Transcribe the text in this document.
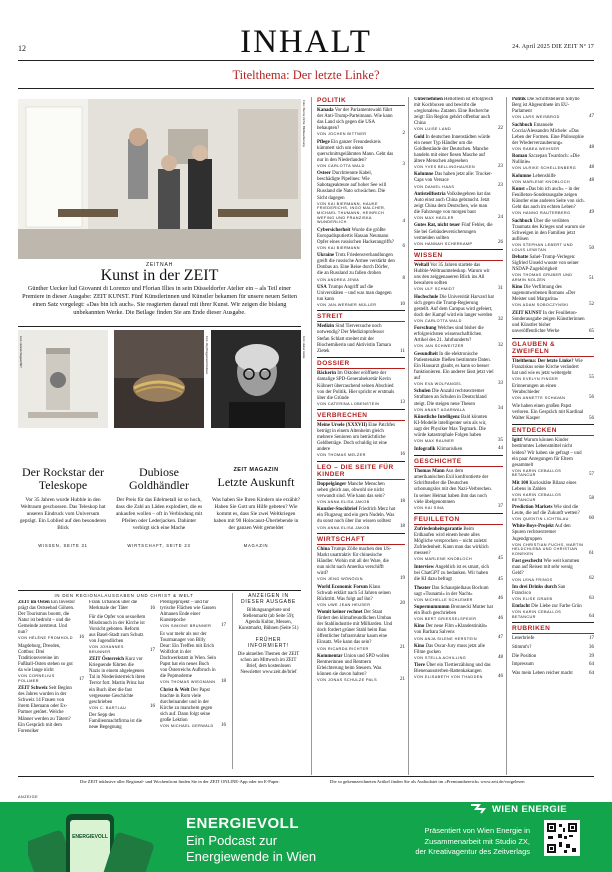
12	INHALT	24. April 2025 DIE ZEIT Nº 17
Titelthema: Der letzte Linke?
Foto: Benne Ochs; Bildbearbeitung
ZEITNAH
Kunst in der ZEIT
Günther Uecker lud Giovanni di Lorenzo und Florian Illies in sein Düsseldorfer Atelier ein – als Teil einer Premiere in dieser Ausgabe: ZEIT KUNST. Fünf Künstlerinnen und Künstler bekamen für unsere neuen Seiten einen Satz vorgelegt: «Das bin ich auch». Sie reagierten darauf mit ihrer Kunst. Wir zeigen die bislang unbekannten Werke. Die Beilage finden Sie am Ende dieser Ausgabe.
Foto: Hannah Wegner/ZEIT	Foto: Jörg Brüggemann/Ostkreuz	Foto: Heiner Henke
Der Rockstar der Teleskope
Vor 35 Jahren wurde Hubble in den Weltraum geschossen. Das Teleskop hat unseren Eindruck vom Universum geprägt. Ein Loblied auf den besonderen Blick
WISSEN, SEITE 31
Dubiose Goldhändler
Der Preis für das Edelmetall ist so hoch, dass die Zahl an Läden explodiert, die es ankaufen wollen – oft in Verbindung mit Pfeilen oder Lederjacken. Dahinter verbirgt sich eine Mache
WIRTSCHAFT, SEITE 23
ZEIT MAGAZIN
Letzte Auskunft
Was haben Sie Ihren Kindern nie erzählt? Haben Sie Gott um Hilfe gebeten? Wie kommt es, dass Sie zwei Weltkriegen haben mit 90 Holocaust-Überlebende in der ganzen Welt gemeldet
MAGAZIN
IN DEN REGIONALAUSGABEN UND CHRIST & WELT
ZEIT im Osten Ein Investor prägt das Ostseebad Göhren. Der Tourismus boomt, die Natur ist bedroht – und die Gemeinde zerstreut. Und nun?
VON HÉLÈNE FROMHOLD	16
Magdeburg, Dresden, Cottbus: Drei Traditionsvereine im Fußball-Osten stehen so gut da wie lange nicht
VON CORNELIUS POLLMER	17
ZEIT Schweiz Seit Beginn des Jahres wurden in der Schweiz 14 Frauen von ihrem Ehemann oder Ex-Partner getötet. Welche Männer werden zu Tätern? Ein Gespräch mit dem Forensiker
Frank Urbaniok über die Merkmale der Täter	16
Für die Opfer von sexuellem Missbrauch in der Kirche ist Vorsicht geboten. Reform aus Basel-Stadt zum Schutz von Jugendlichen
VON JOHANNES BRUNNER	17
ZEIT Österreich Kurz vor Kriegsende führten die Nazis in einem abgelegenen Tal in Niederösterreich ihren Terror fort. Martin Prinz hat ein Buch über die fast vergessene Geschichte geschrieben
VON C. BARTLAU	16
Der Sepp des Familienmachtfirma ist die neue Begegnung
Prestigeprojekt – und für tyrische Flächen wie Gassen Almauen Ende einer Kunstepoche
VON SIMONE BRUNNER	17
Es war mehr als nur der Tourmanager von Billy Dear: Ein Treffen mit Erich Wolfsfort in der Dachwerkstatt in Wien. Sein Papst hat ein neues Buch von Österreichs Aufbruch in die Popmoderne
VON THOMAS WIEGMANN	18
Christ & Welt Der Papst brachte in Rom viele durcheinander und in der Kirche zu manchem gegen sich auf. Dann folgt seine große Lektion
VON MICHAEL GERWALD	16
ANZEIGEN IN DIESER AUSGABE
Bildungsangebote und Stellenmarkt (ab Seite 59); Agenda Kultur, Messen, Kunstmarkt, Bühnen (Seite 51)
FRÜHER INFORMIERT!
Die aktuellen Themen der ZEIT schon am Mittwoch im ZEIT Brief, dem kostenlosen Newsletter www.zeit.de/brief
POLITIK
Kanada Vor der Parlamentswahl führt der Anti-Trump-Parteimann. Wie kann das Land sich gegen die USA behaupten?
VON JOCHEN BITTNER	2
Pflege Ein ganzer Freundeskreis kümmert sich um einen querschnittsgelähmten Mann. Geht das nur in den Niederlanden?
VON CARLOTTA WALD	3
Osteer Durchtrennte Kabel, beschädigte Pipelines: Wie Sabotageakteure auf hoher See will Russland die Nato schwächen. Die Sicht dagegen
VON KAI BIERMANN, HAUKE FRIEDERICHS, INGO MALCHER, MICHAEL THUMANN, HEINRICH WEFING UND FRANZISKA WUNDERLICH	4
Cybersicherheit Wurde die größte Europadisputiertis Hassan Neumann Opfer eines russischen Hackerangriffs?
VON KAI BIERMANN	6
Ukraine Trotz Friedensverhandlungen greift die russische Armee verstärkt den Donbas an. Eine Reise durch Dörfer, die an Russland zu fallen drohen
VON ANDREA JEWA	8
USA Trumps Angriff auf die Universitäten – und was man dagegen tun kann
VON JAN-WERNER MÜLLER	10
STREIT
Medizin Sind Tierversuche noch notwendig? Der Medizinprofessor Stefan Schlatt streitet mit der Biochemikerin und Aktivistin Tamara Zietek	11
DOSSIER
Bäckerin Im Oktober eröffnete der damalige SPD-Generalsekretär Kevin Kühnert überraschend seinen Abschied von der Politik. Hier spricht er erstmals über die Gründe
VON CATERINA LOBENSTEIN	13
VERBRECHEN
Meine Ursele (XXXVII) Eine Patchfes betrügt in einem Altenheim gleich mehrere Senioren um beträchtliche Geldbeträge. Doch schuldig ist eine andere
VON THOMAS MELZER	16
LEO – DIE SEITE FÜR KINDER
Doppelgänger Manche Menschen sehen gleich aus, obwohl sie nicht verwandt sind. Wie kann das sein?
VON ANNA ELISA JAKOB	18
Kunzler-Stockbrief Friedrich Merz hat ein Flugzeug und ein gern Nudeln. Was du sonst noch über ihn wissen solltest
VON ANNA ELISA JAKOB	18
WIRTSCHAFT
China Trumps Zölle machen den US-Markt unattraktiv für chinesische Händler. Wohin mit all der Ware, die nun nicht nach Amerika verschifft wird?
VON JENG WÖNÖGIN	19
World Economic Forum Klaus Schwab erklärt nach 54 Jahren seinen Rücktritt. Was folgt auf ihn?
VON UWE JEAN HEUSER	20
Womit keiner rechnet Der Staat fördert den klimafreundlichen Umbau der Stahlindustrie mit Milliarden. Und doch fordert grüner Stahl beim Bau öffentlicher Infrastruktur kaum eine Einsatz. Wie kann das sein?
VON RICARDA RICHTER	21
Kommentar Union und SPD wollen Rentnerinnen und Rentnern Erleichterung beim Steuern. Was können sie davon halten?
VON JONAS SCHULZE PALS	21
Unternehmen Hellofresh ist erfolgreich mit Kochboxen und bewirbt die »regionalen« Zutaten. Eine Recherche zeigt: Ein Region gehört offenbar auch China
VON LUISE LAND	22
Gold In deutschen Innenstädten würde ein neuer Typ Händler um die Goldbestände der Deutschen. Manche handeln mit einer fiesen Masche auf ältere Menschen abgesehen
VON YVES BELLINGHAUSEN	23
Kolumne Das haben jetzt alle: Trucker-Caps von Versace
VON DANIEL HAAS	23
Antisteilfustria Volksbegehren hat das Auto einst auch China gebraucht. Jetzt zeigt China dem Deutschen, wie man die Fahrzeuge von morgen baut
VON MAX HÄGLER	24
Gutes Rat, nicht teuer Fünf Fehler, die Sie bei Gebäudeversicherungen vermeiden sollten
VON HANNAH SCHERKAMP	26
WISSEN
Weltall Vor 35 Jahren startete das Hubble-Weltraumteleskop. Warum wir uns den zeiggenaueren Blick ins All bewahren sollten
VON ULF SCHMIDT	31
Hochschule Die Universität Harvard hat sich gegen die Trump-Regierung gestellt. Auf dem Campus wird gefeiert, doch der Kampf wird ein langer werden
VON CARLOTTA WALD	32
Forschung Welches sind bisher die erfolgreichsten wissenschaftlichen Artikel des 21. Jahrhunderts?
VON JAN SCHWEITZER	32
Gesundheit In die elektronische Patientenakte fließen bestimmte Daten. Ein Hausarzt glaubt, es kann so besser funktionieren. Ein anderer lässt jetzt viel auf
VON EVA WOLFANGEL	33
Schulen Die Anzahl rechtsextremer Straftaten an Schulen in Deutschland steigt. Die steigen neue Thesen
VON ANANT AGARWALA	34
Künstliche Intelligenz Bald könnten KI-Modelle intelligenter sein als wir, sagt der Physiker Max Tegmark. Die würde katastrophale Folgen haben
VON MAX RAUNER	35
Infografik Klimarisiken	44
GESCHICHTE
Thomas Mann Aus dem amerikanischen Exil konfrontierte der Schriftsteller die Deutschen schonungslos mit den Nazi-Verbrechen. In seiner Heimat haben ihm das noch viele übelgenommen
VON KAI SINA	37
FEUILLETON
Zufriedenheitsgarantie Beim Erdkaufen wird einem heute alles Mögliche versprochen – nicht zuletzt Zufriedenheit. Kann man das wirklich messen?
VON MARLENE KNOBLOCH	45
Interview Angeblich ist es smart, sich bei ChatGPT zu bedanken. Wir haben die KI dazu befragt	45
Theater Das Schauspielhaus Bochum sagt «Tsunami» in der Nacht»
VON MICHELLE SCHLEMER	46
Supermummmm Bronnecki Mutter hat ein Buch geschrieben
VON BERT GRIESSELSPEIER	46
Kino Der neue Film «Klandestinität» von Barbara Salvens
VON ANJA SILENE HERSTEIN	47
Kino Das Oscar-Jury muss jetzt alle Filme gucken
VON STELLA ACHILLING	48
Tiere Über ein Tiertierzählung und das Bienenaussterben-Rattenkakangen
VON ELISABETH VON THADDEN	46
Politik Die Schriftstellerin Sibylle Berg ist Abgeordnete im EU-Parlament
VON LARS WEISBROD	47
Sachbuch Emanuele Coccia/Alessandro Michele: «Das Leben der Formen. Eine Philosophie der Wiederverzauberung»
VON RABEA WEIHSER	48
Roman Szczepan Twardoch: «Die Nullinie»
VON ULRIKE SCHELLENBERG	48
Kolumne Lebenshilfe
VON MARLENE KNOBLOCH	48
Kunst «Das bin ich auch» – in der Feuilleton-Sonderausgabe zeigen Künstler eine anderen Seite von sich. Geht das auch im echten Leben?
VON HANNO RAUTERBERG	49
Sachbuch Über die verübten Traumata des Krieges und warum sie Schweigen in den Familien jetzt auflösen
VON STEPHAN LEBERT UND LOUIS LEWITAN	50
Debatte Sahel-Trump-Verlegen: Sigfried Unseld wusste von seiner NSDAP-Zugehörigkeit
VON THOMAS GRUBER UND ARMIN NOLZEN	51
Kino Die Verfilmung des sagenumwobenen Romans «Der Meister und Margarita»
VON ADAM SOBOCZYNSKI	52
ZEIT KUNST In der Feuilleton-Sonderausgabe zeigen Künstlerinnen und Künstler bisher unveröffentlichte Werke	65
GLAUBEN & ZWEIFELN
Titelthema: Der letzte Linke? Wie Franziskus seine Kirche verändert hat und wie es jetzt weitergeht
VON EVELYN FINGER	55
Erinnerungen an einen Verabschieder
VON ANNETTE SCHAVAN	56
Wie haben einen großen Papst verloren. Ein Gespräch mit Kardinal Walter Kasper	56
ENTDECKEN
Igitt! Warum können Kinder bestimmtes Lebensmittel nicht leiden? Wir haben sie gefragt – und ein paar Anregungen für Eltern gesammelt
VON KARIN CEBALLOS BETANCUR	57
Mit 100 Kuriositäte Bilanz eines Lebens in Zahlen
VON KARIN CEBALLOS BETANCUR	58
Prediction Markets Wie sind die Leute, die auf die Zukunft wetten?
VON QUENTIN LICHTBLAU	60
White-Boys-Projekt Auf den Spuren rechtsextremer Jugendgruppen
VON CHRISTIAN FUCHS, MARTIN HELDCHLEBA UND CHRISTIAN KONEKEN	61
Fast geschecht Wie weit kommen man auf Reisen mit sehr wenig Geld?
VON LENA FRINGS	62
Im drei Drinks durch San Francisco
VON ELISE GRAEB	63
Emfacht Die Liebe zur Farbe Grün
VON KARIN CEBALLOS BETANCUR	64
RUBRIKEN
Leserbriefe	17
Stimmt's?	36
Die Position	39
Impressum	64
Was mein Leben reicher macht	64
Die ZEIT inklusive aller Regional- und Wochenfront finden Sie in der ZEIT ONLINE-App oder im E-Paper.	Die so gekennzeichneten Artikel finden Sie als Audiodatei im «Premiumbereich» www.zeit.de/vorgelesen
ANZEIGE
ENERGIEVOLL
ENERGIEVOLL
Ein Podcast zur
Energiewende in Wien
WIEN ENERGIE
Präsentiert von Wien Energie in
Zusammenarbeit mit Studio ZX,
der Kreativagentur des Zeitverlags
